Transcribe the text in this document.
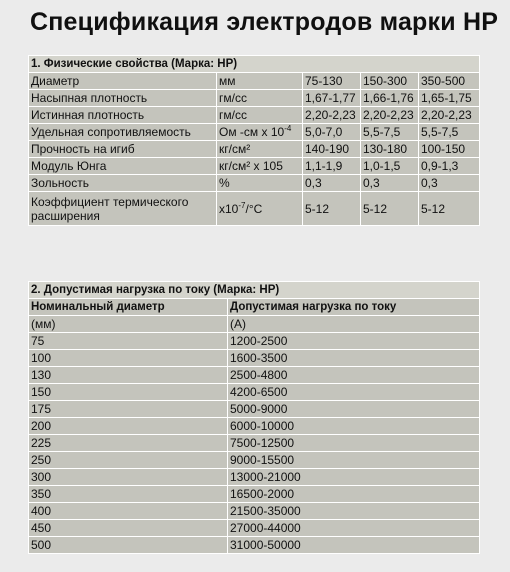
Спецификация электродов марки HP
1. Физические свойства (Марка: HP)				
Диаметр	мм	75-130	150-300	350-500
Насыпная плотность	гм/сс	1,67-1,77	1,66-1,76	1,65-1,75
Истинная плотность	гм/сс	2,20-2,23	2,20-2,23	2,20-2,23
Удельная сопротивляемость	Ом -см x $10^{-4}$	5,0-7,0	5,5-7,5	5,5-7,5
Прочность на игиб	кг/см²	140-190	130-180	100-150
Модуль Юнга	кг/см² x 105	1,1-1,9	1,0-1,5	0,9-1,3
Зольность	%	0,3	0,3	0,3
Коэффициент термического расширения	$x10^{-7}/^\circ C$	5-12	5-12	5-12
2. Допустимая нагрузка по току (Марка: HP)	
Номинальный диаметр	Допустимая нагрузка по току
(мм)	(A)
75	1200-2500
100	1600-3500
130	2500-4800
150	4200-6500
175	5000-9000
200	6000-10000
225	7500-12500
250	9000-15500
300	13000-21000
350	16500-2000
400	21500-35000
450	27000-44000
500	31000-50000
